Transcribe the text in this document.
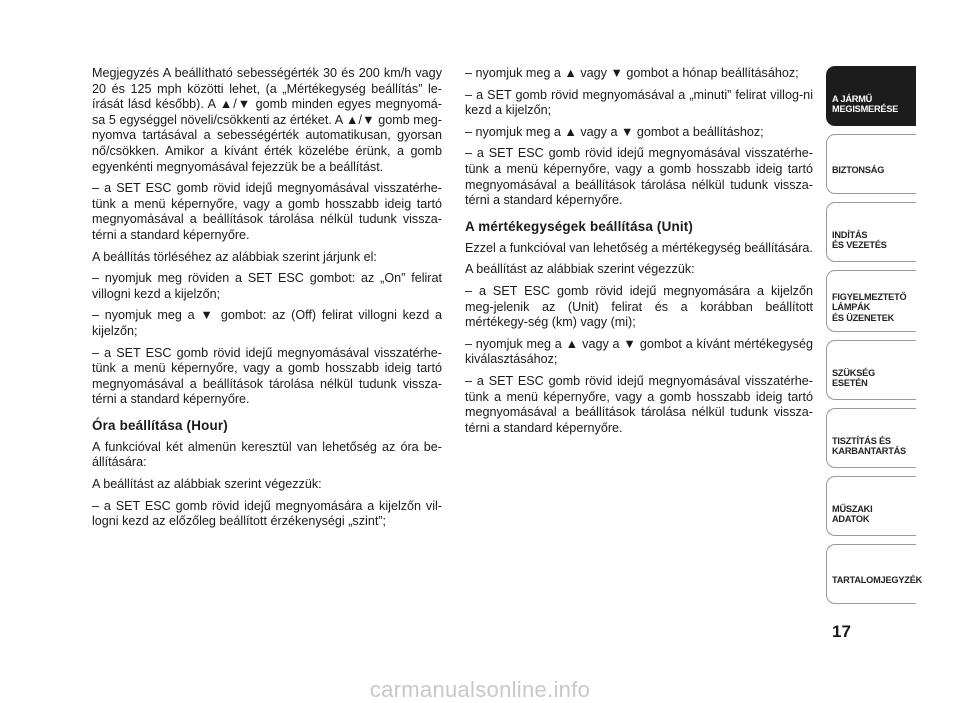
Megjegyzés A beállítható sebességérték 30 és 200 km/h vagy 20 és 125 mph közötti lehet, (a „Mértékegység beállítás” le-írását lásd később). A ▲/▼ gomb minden egyes megnyomá-sa 5 egységgel növeli/csökkenti az értéket. A ▲/▼ gomb meg-nyomva tartásával a sebességérték automatikusan, gyorsan nő/csökken. Amikor a kívánt érték közelébe érünk, a gomb egyenkénti megnyomásával fejezzük be a beállítást.

– a SET ESC gomb rövid idejű megnyomásával visszatérhe-tünk a menü képernyőre, vagy a gomb hosszabb ideig tartó megnyomásával a beállítások tárolása nélkül tudunk vissza-térni a standard képernyőre.

A beállítás törléséhez az alábbiak szerint járjunk el:

– nyomjuk meg röviden a SET ESC gombot: az „On” felirat villogni kezd a kijelzőn;

– nyomjuk meg a ▼ gombot: az (Off) felirat villogni kezd a kijelzőn;

– a SET ESC gomb rövid idejű megnyomásával visszatérhe-tünk a menü képernyőre, vagy a gomb hosszabb ideig tartó megnyomásával a beállítások tárolása nélkül tudunk vissza-térni a standard képernyőre.

Óra beállítása (Hour)

A funkcióval két almenün keresztül van lehetőség az óra be-állítására:

A beállítást az alábbiak szerint végezzük:

– a SET ESC gomb rövid idejű megnyomására a kijelzőn vil-logni kezd az előzőleg beállított érzékenységi „szint”;

– nyomjuk meg a ▲ vagy ▼ gombot a hónap beállításához;

– a SET gomb rövid megnyomásával a „minuti” felirat villog-ni kezd a kijelzőn;

– nyomjuk meg a ▲ vagy a ▼ gombot a beállításhoz;

– a SET ESC gomb rövid idejű megnyomásával visszatérhe-tünk a menü képernyőre, vagy a gomb hosszabb ideig tartó megnyomásával a beállítások tárolása nélkül tudunk vissza-térni a standard képernyőre.

A mértékegységek beállítása (Unit)

Ezzel a funkcióval van lehetőség a mértékegység beállítására.

A beállítást az alábbiak szerint végezzük:

– a SET ESC gomb rövid idejű megnyomására a kijelzőn meg-jelenik az (Unit) felirat és a korábban beállított mértékegy-ség (km) vagy (mi);

– nyomjuk meg a ▲ vagy a ▼ gombot a kívánt mértékegység kiválasztásához;

– a SET ESC gomb rövid idejű megnyomásával visszatérhe-tünk a menü képernyőre, vagy a gomb hosszabb ideig tartó megnyomásával a beállítások tárolása nélkül tudunk vissza-térni a standard képernyőre.

A JÁRMŰ
MEGISMERÉSE

BIZTONSÁG

INDÍTÁS
ÉS VEZETÉS

FIGYELMEZTETŐ
LÁMPÁK
ÉS ÜZENETEK

SZÜKSÉG
ESETÉN

TISZTÍTÁS ÉS
KARBANTARTÁS

MŰSZAKI
ADATOK

TARTALOMJEGYZÉK

17
carmanualsonline.info
